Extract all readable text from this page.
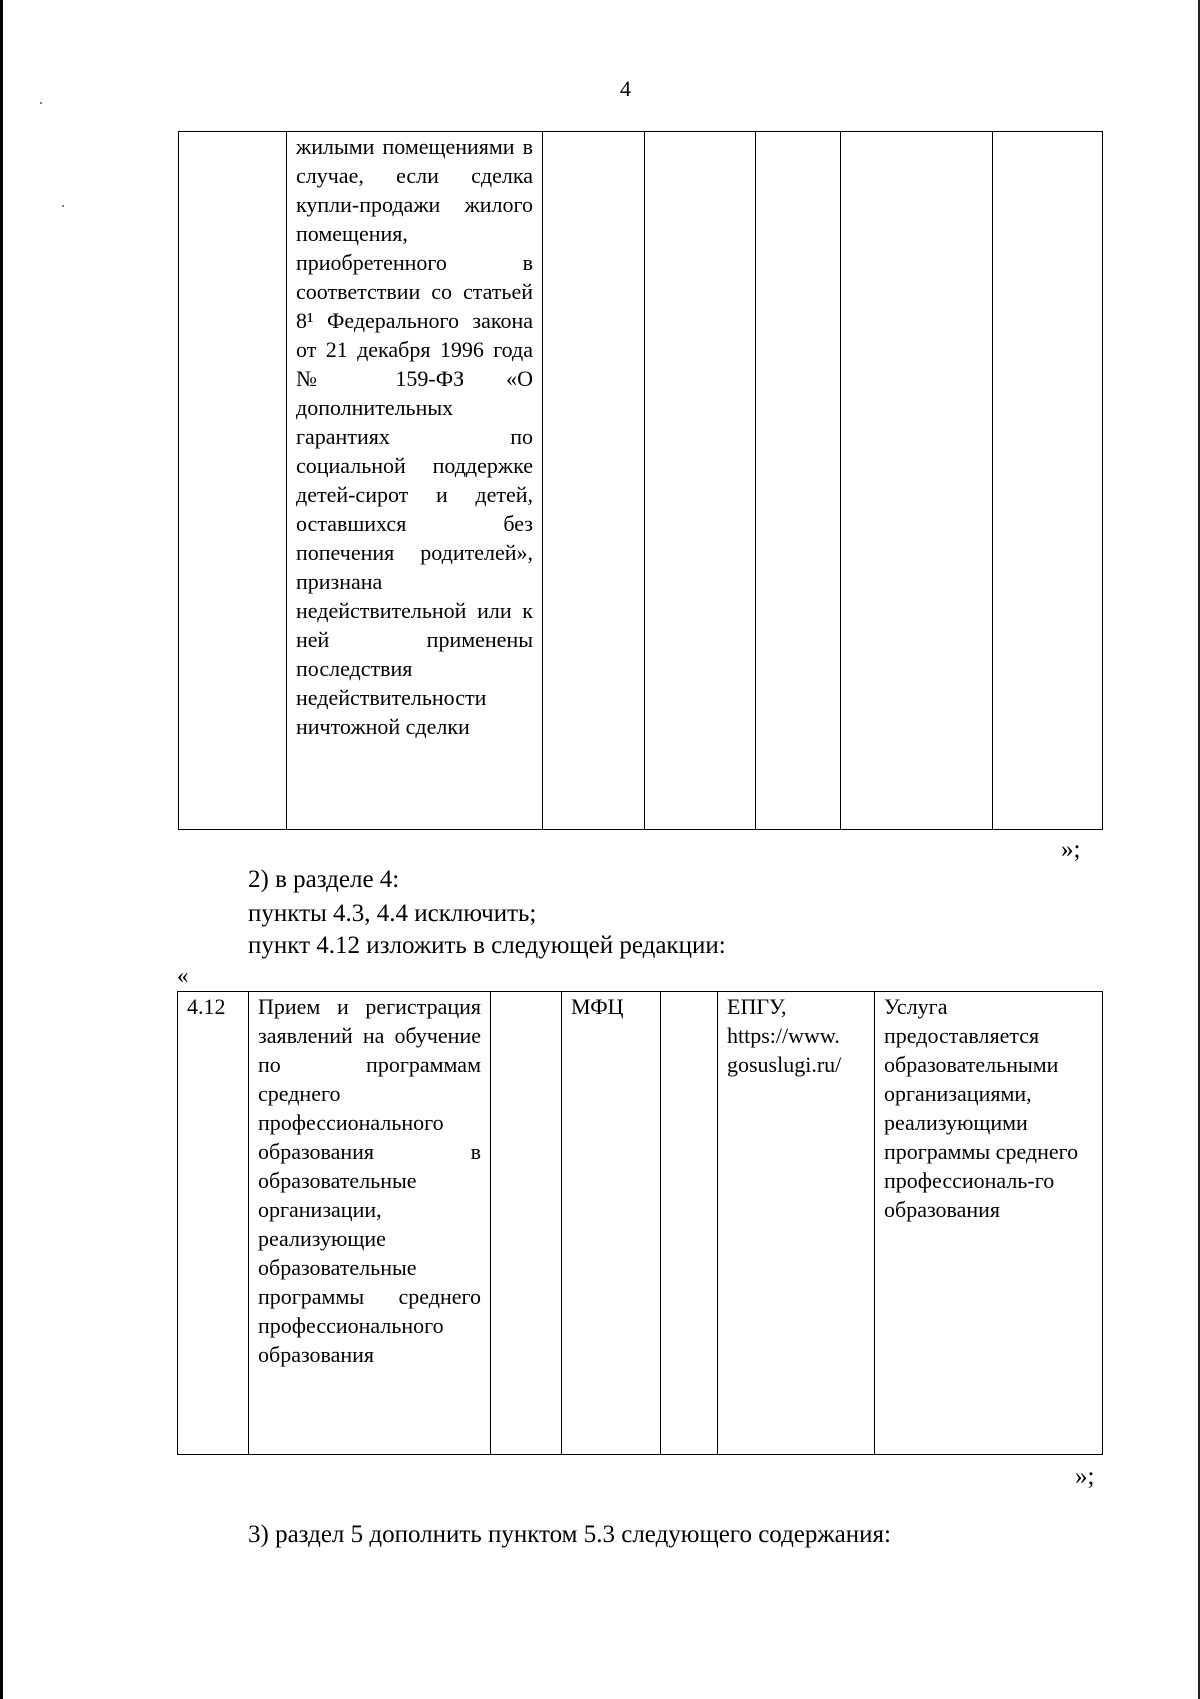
4
	жилыми помещениями в случае, если сделка купли-продажи жилого помещения, приобретенного в соответствии со статьей 8¹ Федерального закона от 21 декабря 1996 года № 159-ФЗ «О дополнительных гарантиях по социальной поддержке детей-сирот и детей, оставшихся без попечения родителей», признана недействительной или к ней применены последствия недействительности ничтожной сделки					
»;
2) в разделе 4:
пункты 4.3, 4.4 исключить;
пункт 4.12 изложить в следующей редакции:
«
4.12	Прием и регистрация заявлений на обучение по программам среднего профессионального образования в образовательные организации, реализующие образовательные программы среднего профессионального образования		МФЦ		ЕПГУ,
https://www.
gosuslugi.ru/
	Услуга предоставляется образовательными организациями, реализующими программы среднего профессиональ-го образования
»;
3) раздел 5 дополнить пунктом 5.3 следующего содержания:
